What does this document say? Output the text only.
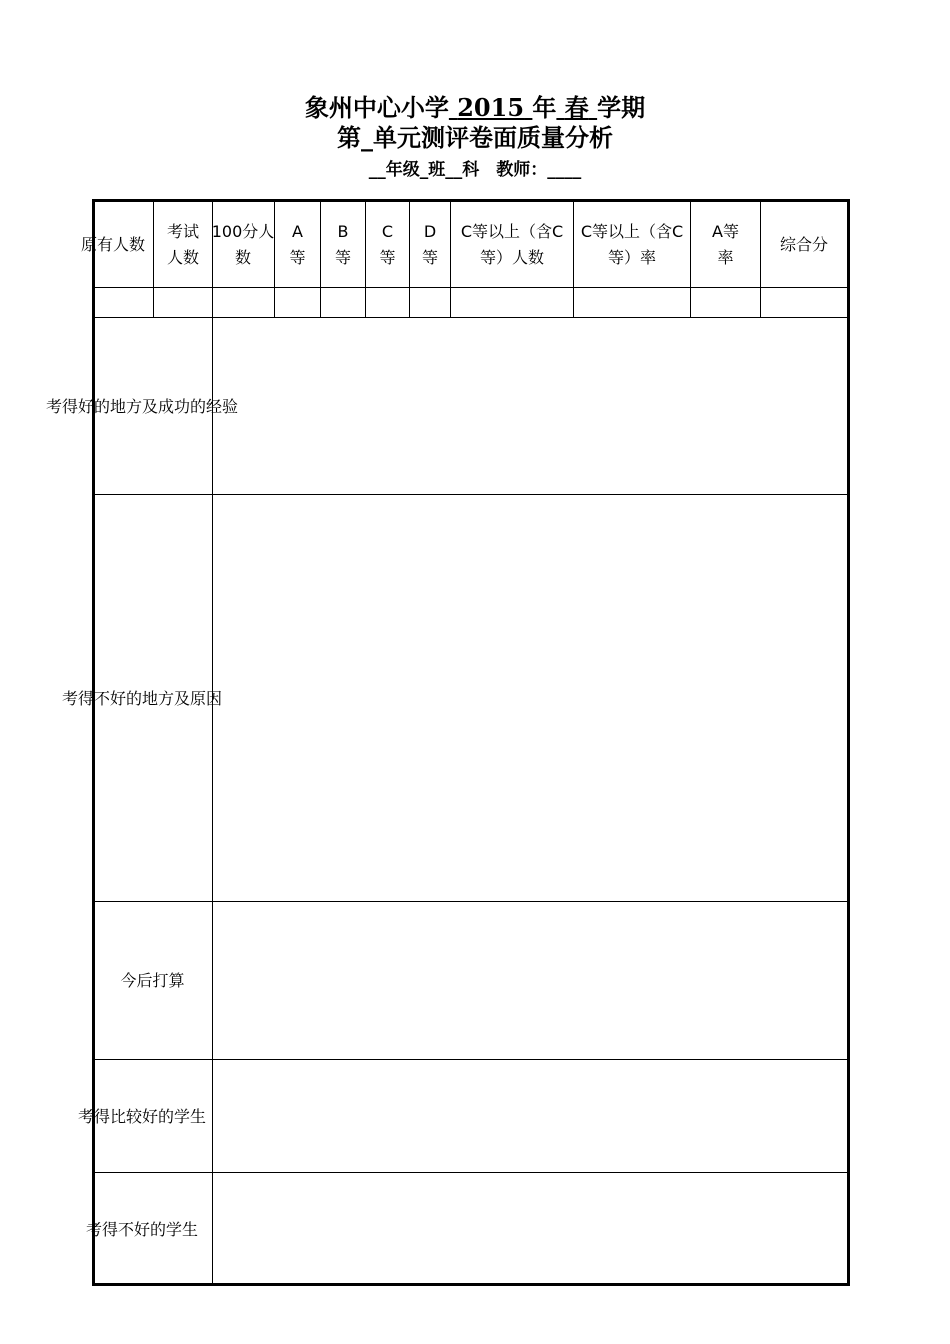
象州中心小学 2015 年 春 学期
第_单元测评卷面质量分析
__年级_班__科　教师：____
原有人数
考试
人数
100分人
数
A
等
B
等
C
等
D
等
C等以上（含C
等）人数
C等以上（含C
等）率
A等
率
综合分
考得好的地方及成功的经验
考得不好的地方及原因
今后打算
考得比较好的学生
考得不好的学生
